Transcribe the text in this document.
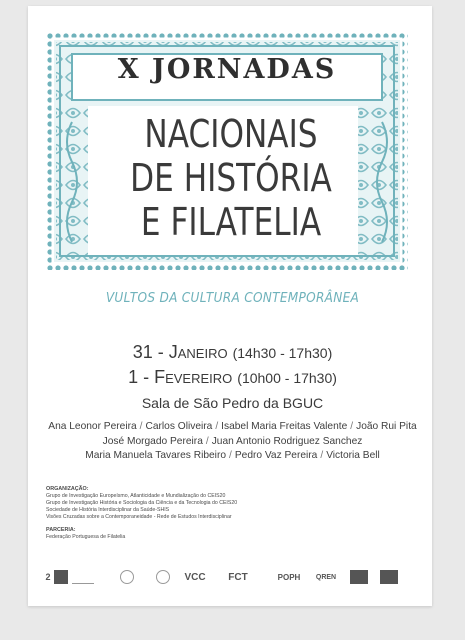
X JORNADAS
NACIONAIS
DE HISTÓRIA
E FILATELIA
VULTOS DA CULTURA CONTEMPORÂNEA
31 - Janeiro (14h30 - 17h30)
1 - Fevereiro (10h00 - 17h30)
Sala de São Pedro da BGUC
Ana Leonor Pereira / Carlos Oliveira / Isabel Maria Freitas Valente / João Rui Pita
José Morgado Pereira / Juan Antonio Rodriguez Sanchez
Maria Manuela Tavares Ribeiro / Pedro Vaz Pereira / Victoria Bell
ORGANIZAÇÃO:
Grupo de Investigação Europeísmo, Atlanticidade e Mundialização do CEIS20
Grupo de Investigação História e Sociologia da Ciência e da Tecnologia do CEIS20
Sociedade de História Interdisciplinar da Saúde-SHIS
Visões Cruzadas sobre a Contemporaneidade - Rede de Estudos Interdisciplinar
PARCERIA:
Federação Portuguesa de Filatelia
2	VCC	FCT	POPH	QREN
